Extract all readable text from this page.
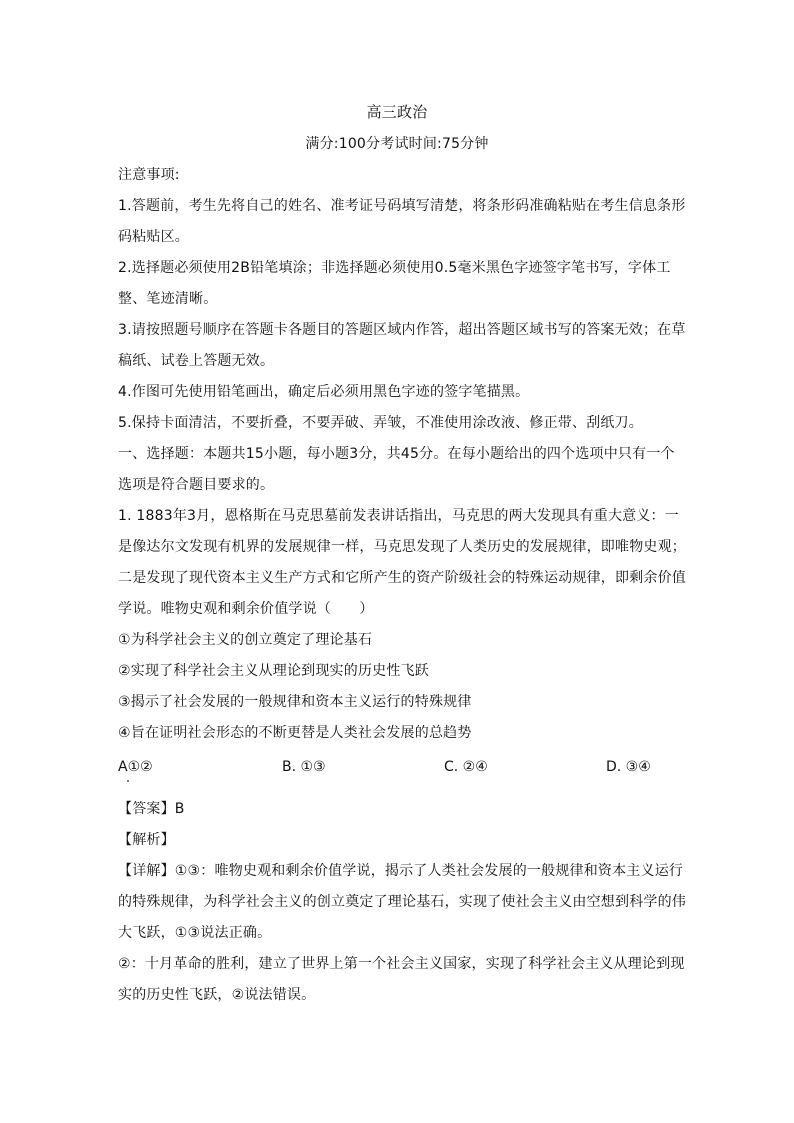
高三政治
满分:100分考试时间:75分钟
注意事项:
1.答题前，考生先将自己的姓名、准考证号码填写清楚，将条形码准确粘贴在考生信息条形
码粘贴区。
2.选择题必须使用2B铅笔填涂；非选择题必须使用0.5毫米黑色字迹签字笔书写，字体工
整、笔迹清晰。
3.请按照题号顺序在答题卡各题目的答题区域内作答，超出答题区域书写的答案无效；在草
稿纸、试卷上答题无效。
4.作图可先使用铅笔画出，确定后必须用黑色字迹的签字笔描黑。
5.保持卡面清洁，不要折叠，不要弄破、弄皱，不准使用涂改液、修正带、刮纸刀。
一、选择题：本题共15小题，每小题3分，共45分。在每小题给出的四个选项中只有一个
选项是符合题目要求的。
1. 1883年3月，恩格斯在马克思墓前发表讲话指出，马克思的两大发现具有重大意义：一
是像达尔文发现有机界的发展规律一样，马克思发现了人类历史的发展规律，即唯物史观；
二是发现了现代资本主义生产方式和它所产生的资产阶级社会的特殊运动规律，即剩余价值
学说。唯物史观和剩余价值学说（　　）
①为科学社会主义的创立奠定了理论基石
②实现了科学社会主义从理论到现实的历史性飞跃
③揭示了社会发展的一般规律和资本主义运行的特殊规律
④旨在证明社会形态的不断更替是人类社会发展的总趋势
A①②	B. ①③	C. ②④	D. ③④
【答案】B
【解析】
【详解】①③：唯物史观和剩余价值学说，揭示了人类社会发展的一般规律和资本主义运行
的特殊规律，为科学社会主义的创立奠定了理论基石，实现了使社会主义由空想到科学的伟
大飞跃，①③说法正确。
②：十月革命的胜利，建立了世界上第一个社会主义国家，实现了科学社会主义从理论到现
实的历史性飞跃，②说法错误。
